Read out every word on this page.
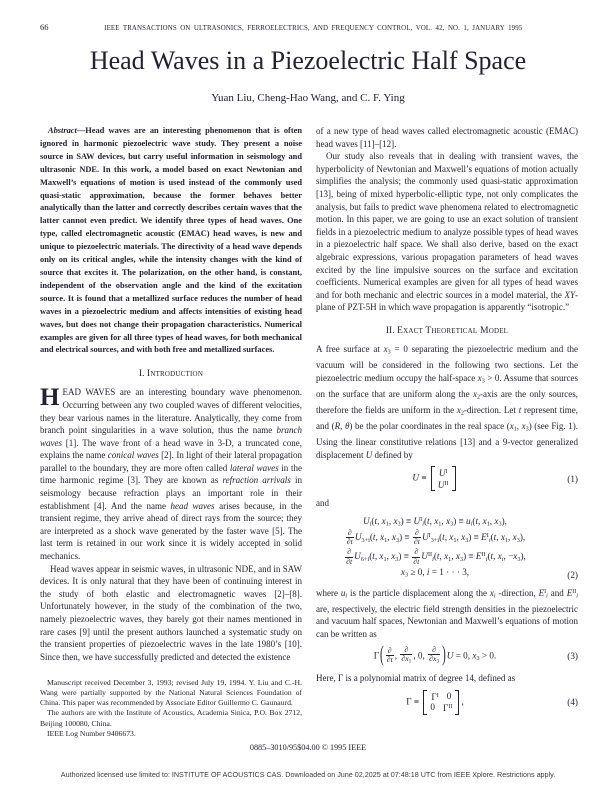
66	IEEE TRANSACTIONS ON ULTRASONICS, FERROELECTRICS, AND FREQUENCY CONTROL, VOL. 42, NO. 1, JANUARY 1995
Head Waves in a Piezoelectric Half Space
Yuan Liu, Cheng-Hao Wang, and C. F. Ying

Abstract—Head waves are an interesting phenomenon that is often ignored in harmonic piezoelectric wave study. They present a noise source in SAW devices, but carry useful information in seismology and ultrasonic NDE. In this work, a model based on exact Newtonian and Maxwell’s equations of motion is used instead of the commonly used quasi-static approximation, because the former behaves better analytically than the latter and correctly describes certain waves that the latter cannot even predict. We identify three types of head waves. One type, called electromagnetic acoustic (EMAC) head waves, is new and unique to piezoelectric materials. The directivity of a head wave depends only on its critical angles, while the intensity changes with the kind of source that excites it. The polarization, on the other hand, is constant, independent of the observation angle and the kind of the excitation source. It is found that a metallized surface reduces the number of head waves in a piezoelectric medium and affects intensities of existing head waves, but does not change their propagation characteristics. Numerical examples are given for all three types of head waves, for both mechanical and electrical sources, and with both free and metallized surfaces.

I. Introduction

HEAD WAVES are an interesting boundary wave phenomenon. Occurring between any two coupled waves of different velocities, they bear various names in the literature. Analytically, they come from branch point singularities in a wave solution, thus the name branch waves [1]. The wave front of a head wave in 3-D, a truncated cone, explains the name conical waves [2]. In light of their lateral propagation parallel to the boundary, they are more often called lateral waves in the time harmonic regime [3]. They are known as refraction arrivals in seismology because refraction plays an important role in their establishment [4]. And the name head waves arises because, in the transient regime, they arrive ahead of direct rays from the source; they are interpreted as a shock wave generated by the faster wave [5]. The last term is retained in our work since it is widely accepted in solid mechanics.

Head waves appear in seismic waves, in ultrasonic NDE, and in SAW devices. It is only natural that they have been of continuing interest in the study of both elastic and electromagnetic waves [2]–[8]. Unfortunately however, in the study of the combination of the two, namely piezoelectric waves, they barely got their names mentioned in rare cases [9] until the present authors launched a systematic study on the transient properties of piezoelectric waves in the late 1980’s [10]. Since then, we have successfully predicted and detected the existence

Manuscript received December 3, 1993; revised July 19, 1994. Y. Liu and C.-H. Wang were partially supported by the National Natural Sciences Foundation of China. This paper was recommended by Associate Editor Guillermo C. Gaunaurd.

The authors are with the Institute of Acoustics, Academia Sinica, P.O. Box 2712, Beijing 100080, China.

IEEE Log Number 9406673.

of a new type of head waves called electromagnetic acoustic (EMAC) head waves [11]–[12].

Our study also reveals that in dealing with transient waves, the hyperbolicity of Newtonian and Maxwell’s equations of motion actually simplifies the analysis; the commonly used quasi-static approximation [13], being of mixed hyperbolic-elliptic type, not only complicates the analysis, but fails to predict wave phenomena related to electromagnetic motion. In this paper, we are going to use an exact solution of transient fields in a piezoelectric medium to analyze possible types of head waves in a piezoelectric half space. We shall also derive, based on the exact algebraic expressions, various propagation parameters of head waves excited by the line impulsive sources on the surface and excitation coefficients. Numerical examples are given for all types of head waves and for both mechanic and electric sources in a model material, the XY-plane of PZT-5H in which wave propagation is apparently “isotropic.”

II. Exact Theoretical Model

A free surface at x3 = 0 separating the piezoelectric medium and the vacuum will be considered in the following two sections. Let the piezoelectric medium occupy the half-space x3 > 0. Assume that sources on the surface that are uniform along the x2-axis are the only sources, therefore the fields are uniform in the x2-direction. Let t represent time, and (R, θ) be the polar coordinates in the real space (x1, x3) (see Fig. 1). Using the linear constitutive relations [13] and a 9-vector generalized displacement U defined by

$U \equiv U^I$
$U^{II}$	(1)

and

Ui(t, x1, $x3) \equiv U^Ii(t$, x1, x3) ≡ ui(t, x1, x3),
$\frac{\partial}{\partial t} U3+i(t$, x1, $x3) \equiv \frac{\partial}{\partial t} U^I3+i(t$, x1, $x3) \equiv E^Ii(t$, x1, x3),
$\frac{\partial}{\partial t} U6+i(t$, x1, $x3) \equiv \frac{\partial}{\partial t} U^{II}i(t$, x1, $x3) \equiv E^{II}i(t$, xi, −x3),
x3 ≥ 0, i = 1 · · · 3,	(2)

where ui is the particle displacement along the xi -direction, $E^Ii$ and $E^{II}i$ are, respectively, the electric field strength densities in the piezoelectric and vacuum half spaces, Newtonian and Maxwell’s equations of motion can be written as

$\Gamma( \frac{\partial}{\partial t}$ , $\frac{\partial}{\partial x1}$ , 0, $\frac{\partial}{\partial x3} )U = 0$, x3 > 0.	(3)

Here, Γ is a polynomial matrix of degree 14, defined as

$\Gamma \equiv \Gamma^I$ 0
0 $\Gamma^{II}$
,	(4)
0885–3010/95$04.00 © 1995 IEEE
Authorized licensed use limited to: INSTITUTE OF ACOUSTICS CAS. Downloaded on June 02,2025 at 07:48:18 UTC from IEEE Xplore. Restrictions apply.
